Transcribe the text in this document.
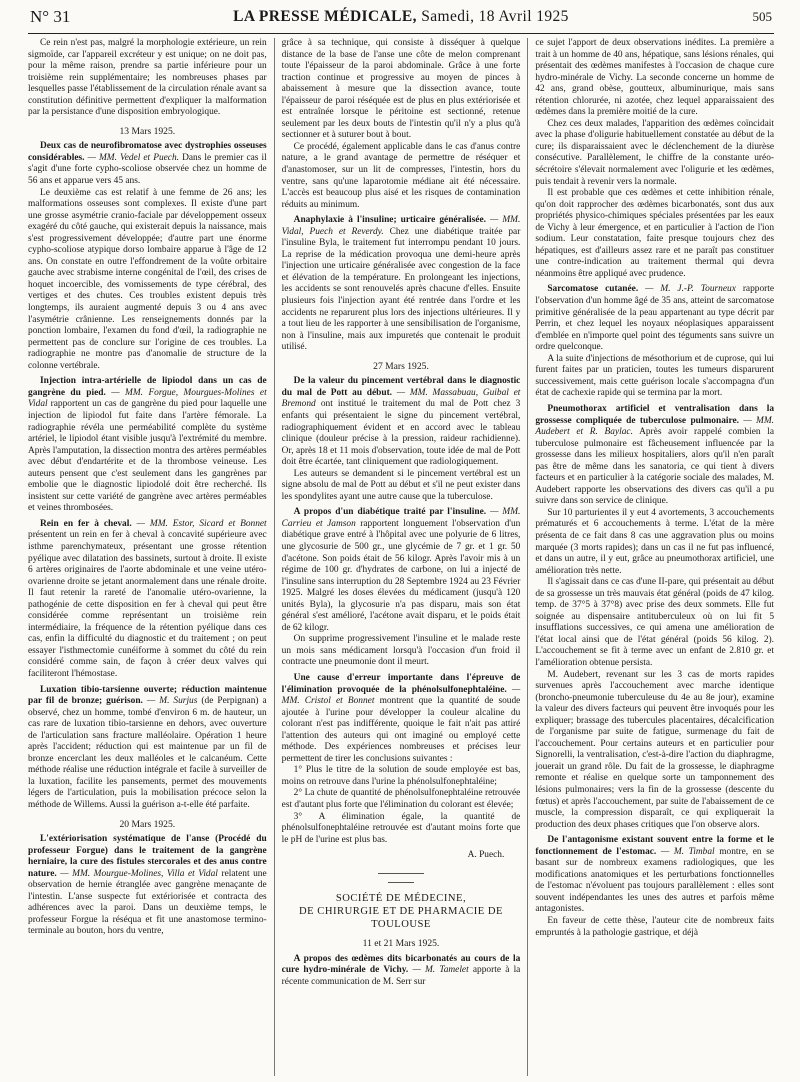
N° 31	LA PRESSE MÉDICALE, Samedi, 18 Avril 1925	505

Ce rein n'est pas, malgré la morphologie extérieure, un rein sigmoïde, car l'appareil excréteur y est unique; on ne doit pas, pour la même raison, prendre sa partie inférieure pour un troisième rein supplémentaire; les nombreuses phases par lesquelles passe l'établissement de la circulation rénale avant sa constitution définitive permettent d'expliquer la malformation par la persistance d'une disposition embryologique.

13 Mars 1925.

Deux cas de neurofibromatose avec dystrophies osseuses considérables. — MM. Vedel et Puech. Dans le premier cas il s'agit d'une forte cypho-scoliose observée chez un homme de 56 ans et apparue vers 45 ans.

Le deuxième cas est relatif à une femme de 26 ans; les malformations osseuses sont complexes. Il existe d'une part une grosse asymétrie cranio-faciale par développement osseux exagéré du côté gauche, qui existerait depuis la naissance, mais s'est progressivement développée; d'autre part une énorme cypho-scoliose atypique dorso lombaire apparue à l'âge de 12 ans. On constate en outre l'effondrement de la voûte orbitaire gauche avec strabisme interne congénital de l'œil, des crises de hoquet incoercible, des vomissements de type cérébral, des vertiges et des chutes. Ces troubles existent depuis très longtemps, ils auraient augmenté depuis 3 ou 4 ans avec l'asymétrie crânienne. Les renseignements donnés par la ponction lombaire, l'examen du fond d'œil, la radiographie ne permettent pas de conclure sur l'origine de ces troubles. La radiographie ne montre pas d'anomalie de structure de la colonne vertébrale.

Injection intra-artérielle de lipiodol dans un cas de gangrène du pied. — MM. Forgue, Mourgues-Molines et Vidal rapportent un cas de gangrène du pied pour laquelle une injection de lipiodol fut faite dans l'artère fémorale. La radiographie révéla une perméabilité complète du système artériel, le lipiodol étant visible jusqu'à l'extrémité du membre. Après l'amputation, la dissection montra des artères perméables avec début d'endartérite et de la thrombose veineuse. Les auteurs pensent que c'est seulement dans les gangrènes par embolie que le diagnostic lipiodolé doit être recherché. Ils insistent sur cette variété de gangrène avec artères perméables et veines thrombosées.

Rein en fer à cheval. — MM. Estor, Sicard et Bonnet présentent un rein en fer à cheval à concavité supérieure avec isthme parenchymateux, présentant une grosse rétention pyélique avec dilatation des bassinets, surtout à droite. Il existe 6 artères originaires de l'aorte abdominale et une veine utéro-ovarienne droite se jetant anormalement dans une rénale droite. Il faut retenir la rareté de l'anomalie utéro-ovarienne, la pathogénie de cette disposition en fer à cheval qui peut être considérée comme représentant un troisième rein intermédiaire, la fréquence de la rétention pyélique dans ces cas, enfin la difficulté du diagnostic et du traitement ; on peut essayer l'isthmectomie cunéiforme à sommet du côté du rein considéré comme sain, de façon à créer deux valves qui faciliteront l'hémostase.

Luxation tibio-tarsienne ouverte; réduction maintenue par fil de bronze; guérison. — M. Surjus (de Perpignan) a observé, chez un homme, tombé d'environ 6 m. de hauteur, un cas rare de luxation tibio-tarsienne en dehors, avec ouverture de l'articulation sans fracture malléolaire. Opération 1 heure après l'accident; réduction qui est maintenue par un fil de bronze encerclant les deux malléoles et le calcanéum. Cette méthode réalise une réduction intégrale et facile à surveiller de la luxation, facilite les pansements, permet des mouvements légers de l'articulation, puis la mobilisation précoce selon la méthode de Willems. Aussi la guérison a-t-elle été parfaite.

20 Mars 1925.

L'extériorisation systématique de l'anse (Procédé du professeur Forgue) dans le traitement de la gangrène herniaire, la cure des fistules stercorales et des anus contre nature. — MM. Mourgue-Molines, Villa et Vidal relatent une observation de hernie étranglée avec gangrène menaçante de l'intestin. L'anse suspecte fut extériorisée et contracta des adhérences avec la paroi. Dans un deuxième temps, le professeur Forgue la réséqua et fit une anastomose termino-terminale au bouton, hors du ventre,

grâce à sa technique, qui consiste à disséquer à quelque distance de la base de l'anse une côte de melon comprenant toute l'épaisseur de la paroi abdominale. Grâce à une forte traction continue et progressive au moyen de pinces à abaissement à mesure que la dissection avance, toute l'épaisseur de paroi réséquée est de plus en plus extériorisée et est entraînée lorsque le péritoine est sectionné, retenue seulement par les deux bouts de l'intestin qu'il n'y a plus qu'à sectionner et à suturer bout à bout.

Ce procédé, également applicable dans le cas d'anus contre nature, a le grand avantage de permettre de réséquer et d'anastomoser, sur un lit de compresses, l'intestin, hors du ventre, sans qu'une laparotomie médiane ait été nécessaire. L'accès est beaucoup plus aisé et les risques de contamination réduits au minimum.

Anaphylaxie à l'insuline; urticaire généralisée. — MM. Vidal, Puech et Reverdy. Chez une diabétique traitée par l'insuline Byla, le traitement fut interrompu pendant 10 jours. La reprise de la médication provoqua une demi-heure après l'injection une urticaire généralisée avec congestion de la face et élévation de la température. En prolongeant les injections, les accidents se sont renouvelés après chacune d'elles. Ensuite plusieurs fois l'injection ayant été rentrée dans l'ordre et les accidents ne reparurent plus lors des injections ultérieures. Il y a tout lieu de les rapporter à une sensibilisation de l'organisme, non à l'insuline, mais aux impuretés que contenait le produit utilisé.

27 Mars 1925.

De la valeur du pincement vertébral dans le diagnostic du mal de Pott au début. — MM. Massabuau, Guibal et Bremond ont institué le traitement du mal de Pott chez 3 enfants qui présentaient le signe du pincement vertébral, radiographiquement évident et en accord avec le tableau clinique (douleur précise à la pression, raideur rachidienne). Or, après 18 et 11 mois d'observation, toute idée de mal de Pott doit être écartée, tant cliniquement que radiologiquement.

Les auteurs se demandent si le pincement vertébral est un signe absolu de mal de Pott au début et s'il ne peut exister dans les spondylites ayant une autre cause que la tuberculose.

A propos d'un diabétique traité par l'insuline. — MM. Carrieu et Jamson rapportent longuement l'observation d'un diabétique grave entré à l'hôpital avec une polyurie de 6 litres, une glycosurie de 500 gr., une glycémie de 7 gr. et 1 gr. 50 d'acétone. Son poids était de 56 kilogr. Après l'avoir mis à un régime de 100 gr. d'hydrates de carbone, on lui a injecté de l'insuline sans interruption du 28 Septembre 1924 au 23 Février 1925. Malgré les doses élevées du médicament (jusqu'à 120 unités Byla), la glycosurie n'a pas disparu, mais son état général s'est amélioré, l'acétone avait disparu, et le poids était de 62 kilogr.

On supprime progressivement l'insuline et le malade reste un mois sans médicament lorsqu'à l'occasion d'un froid il contracte une pneumonie dont il meurt.

Une cause d'erreur importante dans l'épreuve de l'élimination provoquée de la phénolsulfonephtaléine. — MM. Cristol et Bonnet montrent que la quantité de soude ajoutée à l'urine pour développer la couleur alcaline du colorant n'est pas indifférente, quoique le fait n'ait pas attiré l'attention des auteurs qui ont imaginé ou employé cette méthode. Des expériences nombreuses et précises leur permettent de tirer les conclusions suivantes :

1° Plus le titre de la solution de soude employée est bas, moins on retrouve dans l'urine la phénolsulfonephtaléine;

2° La chute de quantité de phénolsulfonephtaléine retrouvée est d'autant plus forte que l'élimination du colorant est élevée;

3° A élimination égale, la quantité de phénolsulfonephtaléine retrouvée est d'autant moins forte que le pH de l'urine est plus bas.

A. Puech.

SOCIÉTÉ DE MÉDECINE,
DE CHIRURGIE ET DE PHARMACIE DE TOULOUSE

11 et 21 Mars 1925.

A propos des œdèmes dits bicarbonatés au cours de la cure hydro-minérale de Vichy. — M. Tamelet apporte à la récente communication de M. Serr sur

ce sujet l'apport de deux observations inédites. La première a trait à un homme de 40 ans, hépatique, sans lésions rénales, qui présentait des œdèmes manifestes à l'occasion de chaque cure hydro-minérale de Vichy. La seconde concerne un homme de 42 ans, grand obèse, goutteux, albuminurique, mais sans rétention chlorurée, ni azotée, chez lequel apparaissaient des œdèmes dans la première moitié de la cure.

Chez ces deux malades, l'apparition des œdèmes coïncidait avec la phase d'oligurie habituellement constatée au début de la cure; ils disparaissaient avec le déclenchement de la diurèse consécutive. Parallèlement, le chiffre de la constante uréo-sécrétoire s'élevait normalement avec l'oligurie et les œdèmes, puis tendait à revenir vers la normale.

Il est probable que ces œdèmes et cette inhibition rénale, qu'on doit rapprocher des œdèmes bicarbonatés, sont dus aux propriétés physico-chimiques spéciales présentées par les eaux de Vichy à leur émergence, et en particulier à l'action de l'ion sodium. Leur constatation, faite presque toujours chez des hépatiques, est d'ailleurs assez rare et ne paraît pas constituer une contre-indication au traitement thermal qui devra néanmoins être appliqué avec prudence.

Sarcomatose cutanée. — M. J.-P. Tourneux rapporte l'observation d'un homme âgé de 35 ans, atteint de sarcomatose primitive généralisée de la peau appartenant au type décrit par Perrin, et chez lequel les noyaux néoplasiques apparaissent d'emblée en n'importe quel point des téguments sans suivre un ordre quelconque.

A la suite d'injections de mésothorium et de cuprose, qui lui furent faites par un praticien, toutes les tumeurs disparurent successivement, mais cette guérison locale s'accompagna d'un état de cachexie rapide qui se termina par la mort.

Pneumothorax artificiel et ventralisation dans la grossesse compliquée de tuberculose pulmonaire. — MM. Audebert et R. Baylac. Après avoir rappelé combien la tuberculose pulmonaire est fâcheusement influencée par la grossesse dans les milieux hospitaliers, alors qu'il n'en paraît pas être de même dans les sanatoria, ce qui tient à divers facteurs et en particulier à la catégorie sociale des malades, M. Audebert rapporte les observations des divers cas qu'il a pu suivre dans son service de clinique.

Sur 10 parturientes il y eut 4 avortements, 3 accouchements prématurés et 6 accouchements à terme. L'état de la mère présenta de ce fait dans 8 cas une aggravation plus ou moins marquée (3 morts rapides); dans un cas il ne fut pas influencé, et dans un autre, il y eut, grâce au pneumothorax artificiel, une amélioration très nette.

Il s'agissait dans ce cas d'une II-pare, qui présentait au début de sa grossesse un très mauvais état général (poids de 47 kilog. temp. de 37°5 à 37°8) avec prise des deux sommets. Elle fut soignée au dispensaire antituberculeux où on lui fit 5 insufflations successives, ce qui amena une amélioration de l'état local ainsi que de l'état général (poids 56 kilog. 2). L'accouchement se fit à terme avec un enfant de 2.810 gr. et l'amélioration obtenue persista.

M. Audebert, revenant sur les 3 cas de morts rapides survenues après l'accouchement avec marche identique (broncho-pneumonie tuberculeuse du 4e au 8e jour), examine la valeur des divers facteurs qui peuvent être invoqués pour les expliquer; brassage des tubercules placentaires, décalcification de l'organisme par suite de fatigue, surmenage du fait de l'accouchement. Pour certains auteurs et en particulier pour Signorelli, la ventralisation, c'est-à-dire l'action du diaphragme, jouerait un grand rôle. Du fait de la grossesse, le diaphragme remonte et réalise en quelque sorte un tamponnement des lésions pulmonaires; vers la fin de la grossesse (descente du fœtus) et après l'accouchement, par suite de l'abaissement de ce muscle, la compression disparaît, ce qui expliquerait la production des deux phases critiques que l'on observe alors.

De l'antagonisme existant souvent entre la forme et le fonctionnement de l'estomac. — M. Timbal montre, en se basant sur de nombreux examens radiologiques, que les modifications anatomiques et les perturbations fonctionnelles de l'estomac n'évoluent pas toujours parallèlement : elles sont souvent indépendantes les unes des autres et parfois même antagonistes.

En faveur de cette thèse, l'auteur cite de nombreux faits empruntés à la pathologie gastrique, et déjà
